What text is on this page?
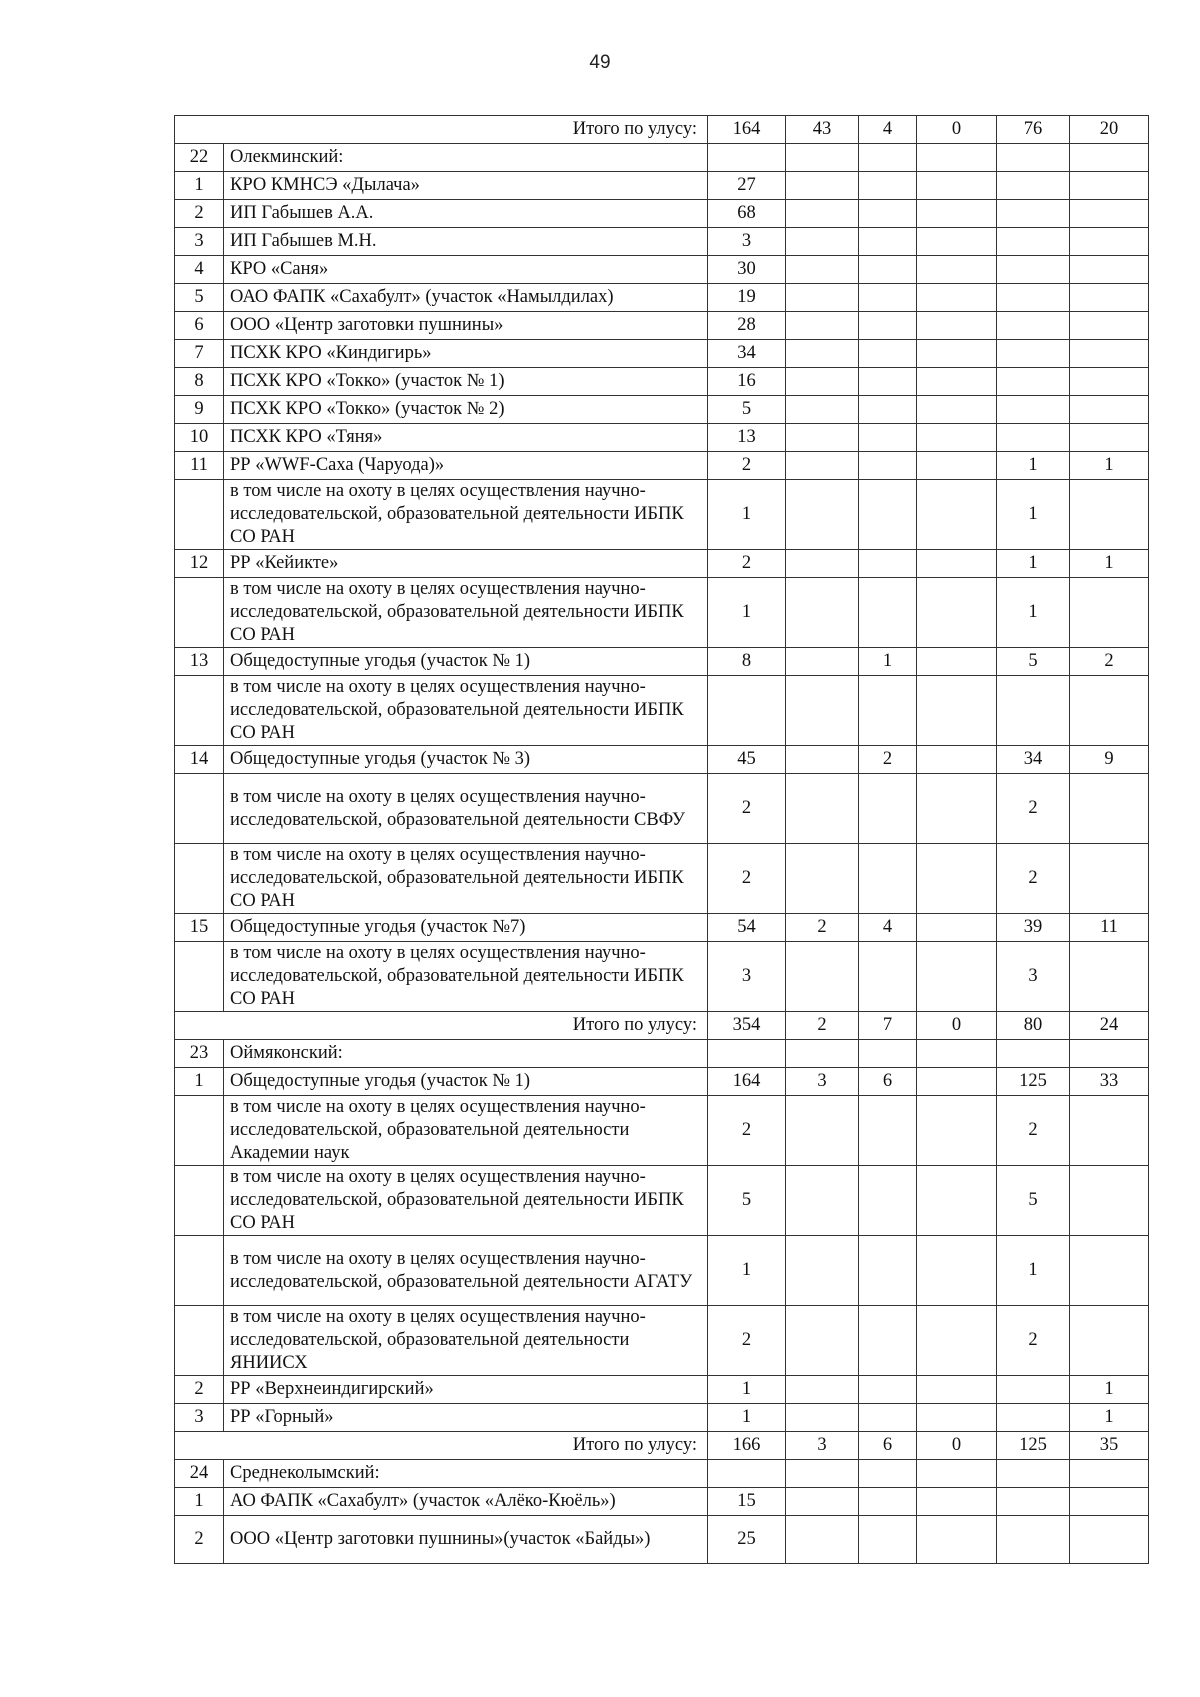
49
Итого по улусу:		164	43	4	0	76	20
22	Олекминский:						
1	КРО КМНСЭ «Дылача»	27					
2	ИП Габышев А.А.	68					
3	ИП Габышев М.Н.	3					
4	КРО «Саня»	30					
5	ОАО ФАПК «Сахабулт» (участок «Намылдилах)	19					
6	ООО «Центр заготовки пушнины»	28					
7	ПСХК КРО «Киндигирь»	34					
8	ПСХК КРО «Токко» (участок № 1)	16					
9	ПСХК КРО «Токко» (участок № 2)	5					
10	ПСХК КРО «Тяня»	13					
11	РР «WWF-Саха (Чаруода)»	2				1	1
	в том числе на охоту в целях осуществления научно-исследовательской, образовательной деятельности ИБПК СО РАН	1				1	
12	РР «Кейикте»	2				1	1
	в том числе на охоту в целях осуществления научно-исследовательской, образовательной деятельности ИБПК СО РАН	1				1	
13	Общедоступные угодья (участок № 1)	8		1		5	2
	в том числе на охоту в целях осуществления научно-исследовательской, образовательной деятельности ИБПК СО РАН						
14	Общедоступные угодья (участок № 3)	45		2		34	9
	в том числе на охоту в целях осуществления научно-исследовательской, образовательной деятельности СВФУ	2				2	
	в том числе на охоту в целях осуществления научно-исследовательской, образовательной деятельности ИБПК СО РАН	2				2	
15	Общедоступные угодья (участок №7)	54	2	4		39	11
	в том числе на охоту в целях осуществления научно-исследовательской, образовательной деятельности ИБПК СО РАН	3				3	
Итого по улусу:		354	2	7	0	80	24
23	Оймяконский:						
1	Общедоступные угодья (участок № 1)	164	3	6		125	33
	в том числе на охоту в целях осуществления научно-исследовательской, образовательной деятельности Академии наук	2				2	
	в том числе на охоту в целях осуществления научно-исследовательской, образовательной деятельности ИБПК СО РАН	5				5	
	в том числе на охоту в целях осуществления научно-исследовательской, образовательной деятельности АГАТУ	1				1	
	в том числе на охоту в целях осуществления научно-исследовательской, образовательной деятельности ЯНИИСХ	2				2	
2	РР «Верхнеиндигирский»	1					1
3	РР «Горный»	1					1
Итого по улусу:		166	3	6	0	125	35
24	Среднеколымский:						
1	АО ФАПК «Сахабулт» (участок «Алёко-Кюёль»)	15					
2	ООО «Центр заготовки пушнины»(участок «Байды»)	25					
